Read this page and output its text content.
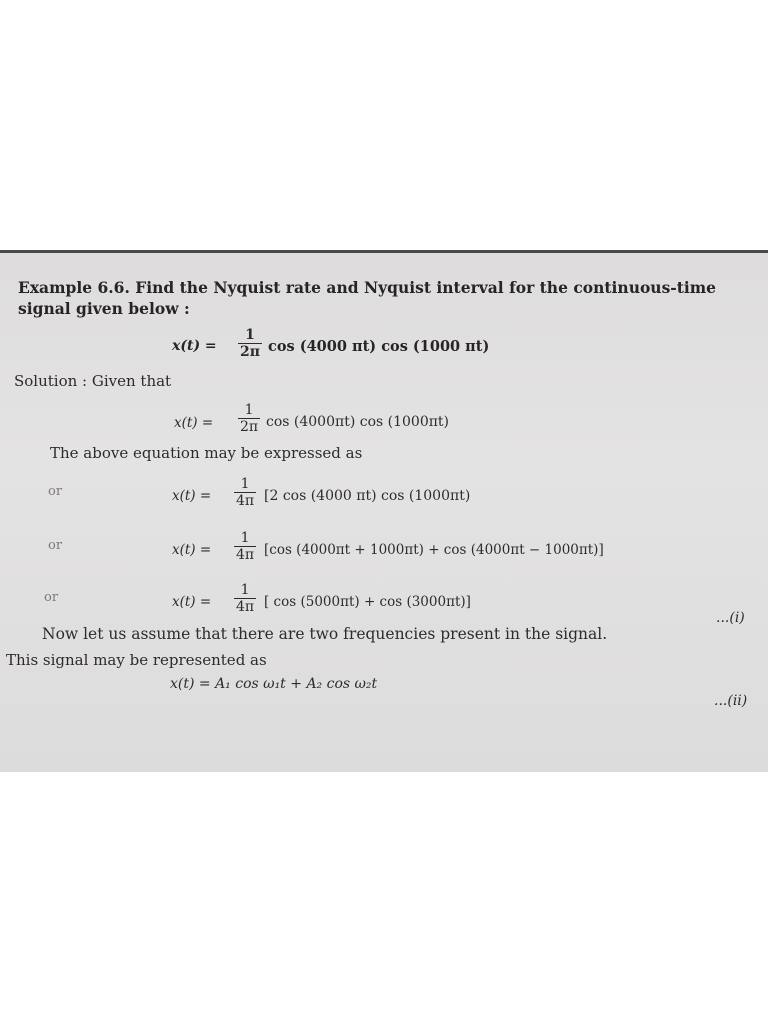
Example 6.6. Find the Nyquist rate and Nyquist interval for the continuous-time
signal given below :
$x(t) = \frac{1}{2\pi}$ cos (4000 πt) cos (1000 πt)
Solution : Given that
$x(t) = \frac{1}{2\pi}$ cos (4000πt) cos (1000πt)
The above equation may be expressed as
or	$x(t) = \frac{1}{4\pi} [2$ cos (4000 πt) cos (1000πt)
or	$x(t) = \frac{1}{4\pi} [\cos$ (4000πt + 1000πt) + cos (4000πt − 1000πt)]
or	$x(t) = \frac{1}{4\pi}$ [ cos (5000πt) + cos (3000πt)]
...(i)
Now let us assume that there are two frequencies present in the signal.
This signal may be represented as
x(t) = A₁ cos ω₁t + A₂ cos ω₂t
...(ii)
